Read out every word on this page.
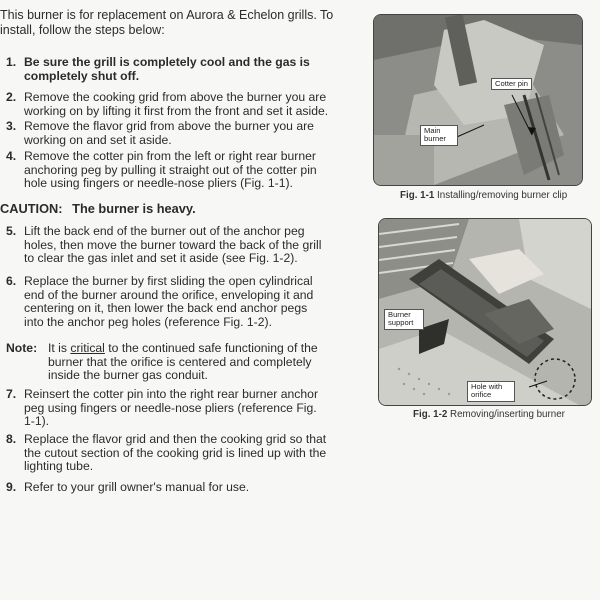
This burner is for replacement on Aurora & Echelon grills. To install, follow the steps below:
1. Be sure the grill is completely cool and the gas is completely shut off.
2. Remove the cooking grid from above the burner you are working on by lifting it first from the front and set it aside.
3. Remove the flavor grid from above the burner you are working on and set it aside.
4. Remove the cotter pin from the left or right rear burner anchoring peg by pulling it straight out of the cotter pin hole using fingers or needle-nose pliers (Fig. 1-1).
5. Lift the back end of the burner out of the anchor peg holes, then move the burner toward the back of the grill to clear the gas inlet and set it aside (see Fig. 1-2).
6. Replace the burner by first sliding the open cylindrical end of the burner around the orifice, enveloping it and centering on it, then lower the back end anchor pegs into the anchor peg holes (reference Fig. 1-2).
7. Reinsert the cotter pin into the right rear burner anchor peg using fingers or needle-nose pliers (reference Fig. 1-1).
8. Replace the flavor grid and then the cooking grid so that the cutout section of the cooking grid is lined up with the lighting tube.
9. Refer to your grill owner's manual for use.
CAUTION: The burner is heavy.
Note: It is critical to the continued safe functioning of the burner that the orifice is centered and completely inside the burner gas conduit.
Cotter pin
Main burner
Fig. 1-1 Installing/removing burner clip
Burner support
Hole with orifice
Fig. 1-2 Removing/inserting burner
